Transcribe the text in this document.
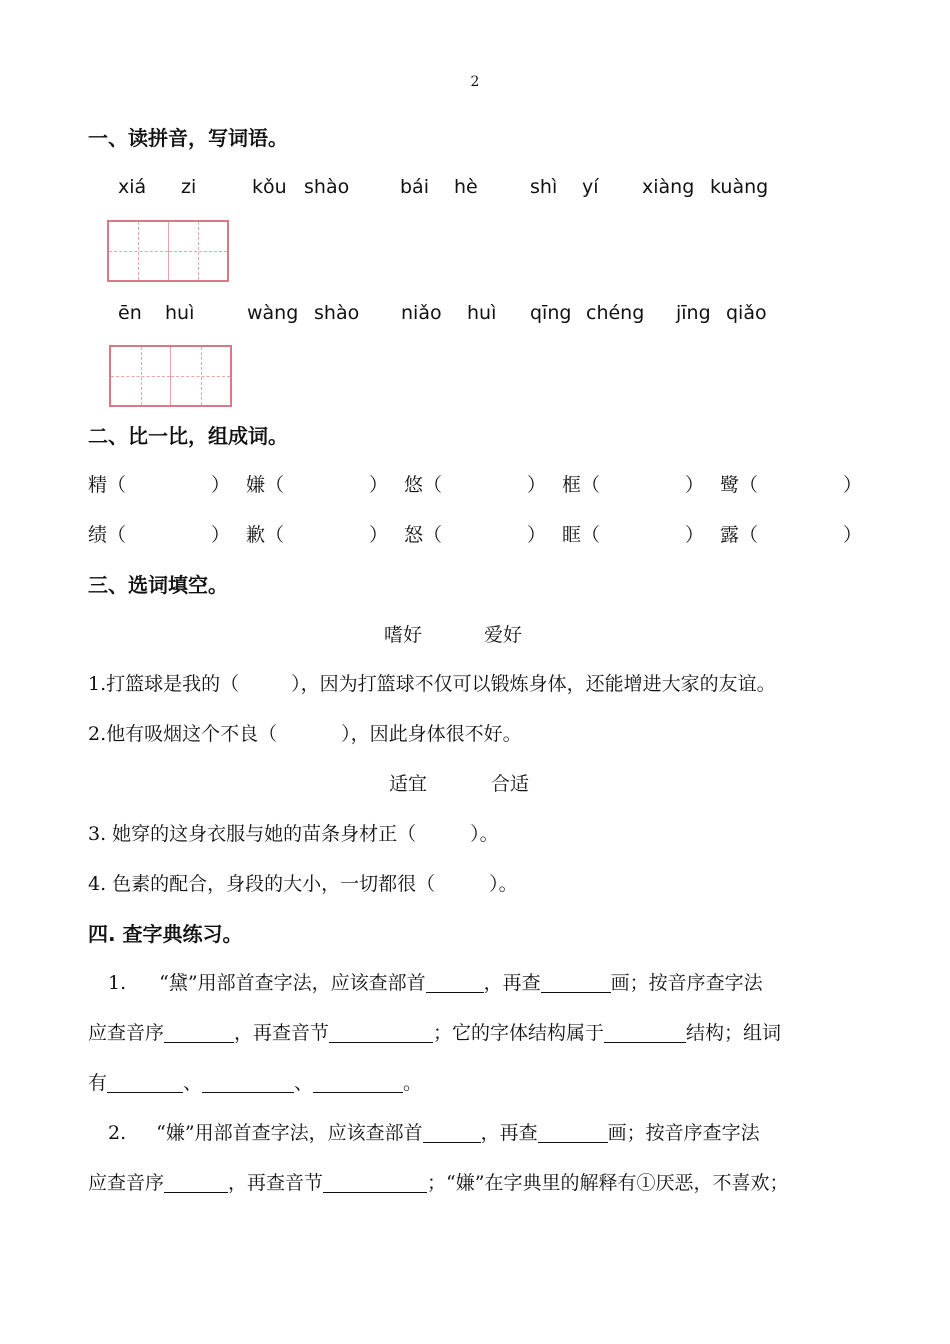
2
一、读拼音，写词语。
xiá zi	kǒu shào	bái hè	shì yí xiàng kuàng
ēn huì	wàng shào niǎo huì qīng chéng jīng qiǎo
二、比一比，组成词。
精（	） 嫌（	） 悠（	） 框（	） 鹭（	）
绩（	） 歉（	） 怒（	） 眶（	） 露（	）
三、选词填空。
嗜好	爱好
1.打篮球是我的（	），因为打篮球不仅可以锻炼身体，还能增进大家的友谊。
2.他有吸烟这个不良（	），因此身体很不好。
适宜	合适
3. 她穿的这身衣服与她的苗条身材正（	）。
4. 色素的配合，身段的大小，一切都很（	）。
四. 查字典练习。
1. “黛”用部首查字法，应该查部首	，再查	画；按音序查字法
应查音序	，再查音节	；它的字体结构属于	结构；组词
有	、	、	。
2. “嫌”用部首查字法，应该查部首	，再查	画；按音序查字法
应查音序	，再查音节	；“嫌”在字典里的解释有①厌恶，不喜欢；
